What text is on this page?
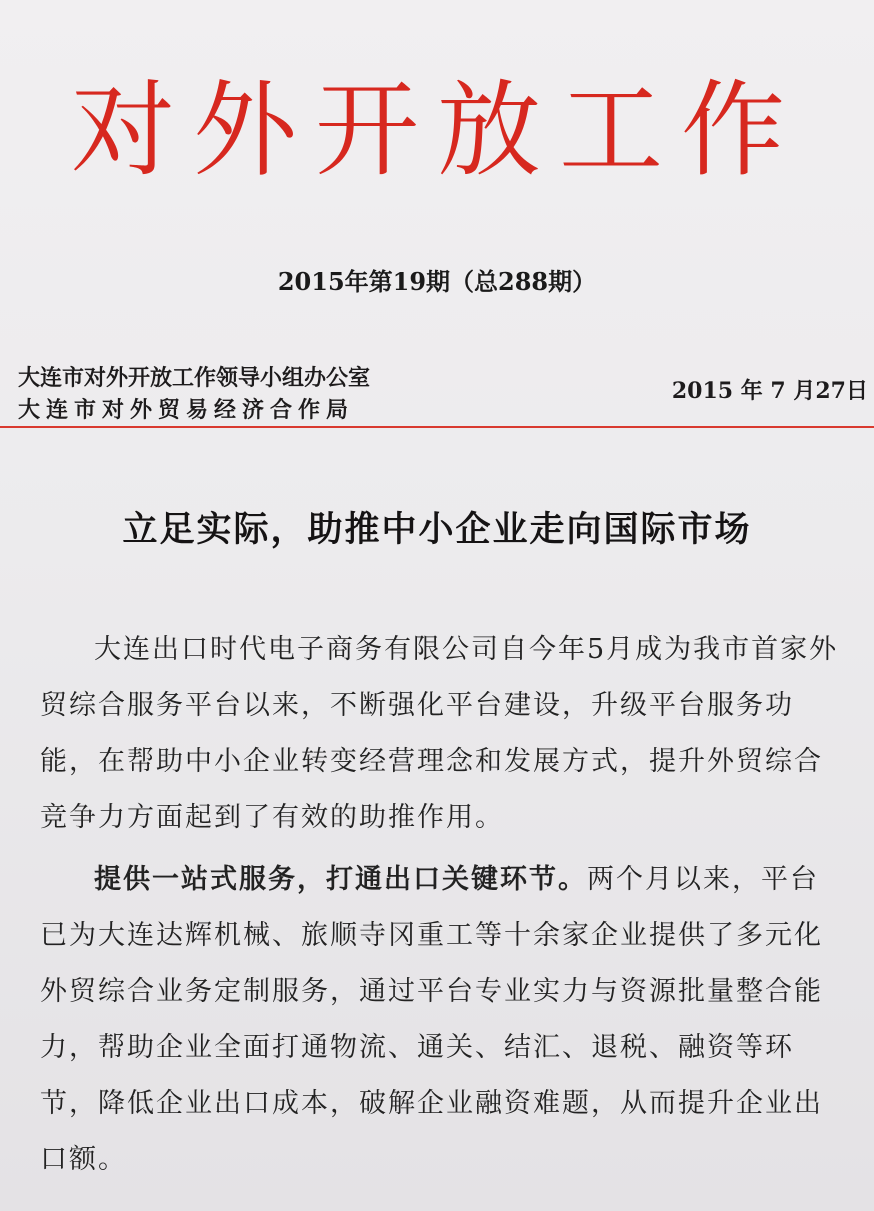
对外开放工作
2015年第19期（总288期）
大连市对外开放工作领导小组办公室
大连市对外贸易经济合作局
2015 年 7 月27日
立足实际，助推中小企业走向国际市场

大连出口时代电子商务有限公司自今年5月成为我市首家外贸综合服务平台以来，不断强化平台建设，升级平台服务功能，在帮助中小企业转变经营理念和发展方式，提升外贸综合竞争力方面起到了有效的助推作用。

提供一站式服务，打通出口关键环节。两个月以来，平台已为大连达辉机械、旅顺寺冈重工等十余家企业提供了多元化外贸综合业务定制服务，通过平台专业实力与资源批量整合能力，帮助企业全面打通物流、通关、结汇、退税、融资等环节，降低企业出口成本，破解企业融资难题，从而提升企业出口额。
